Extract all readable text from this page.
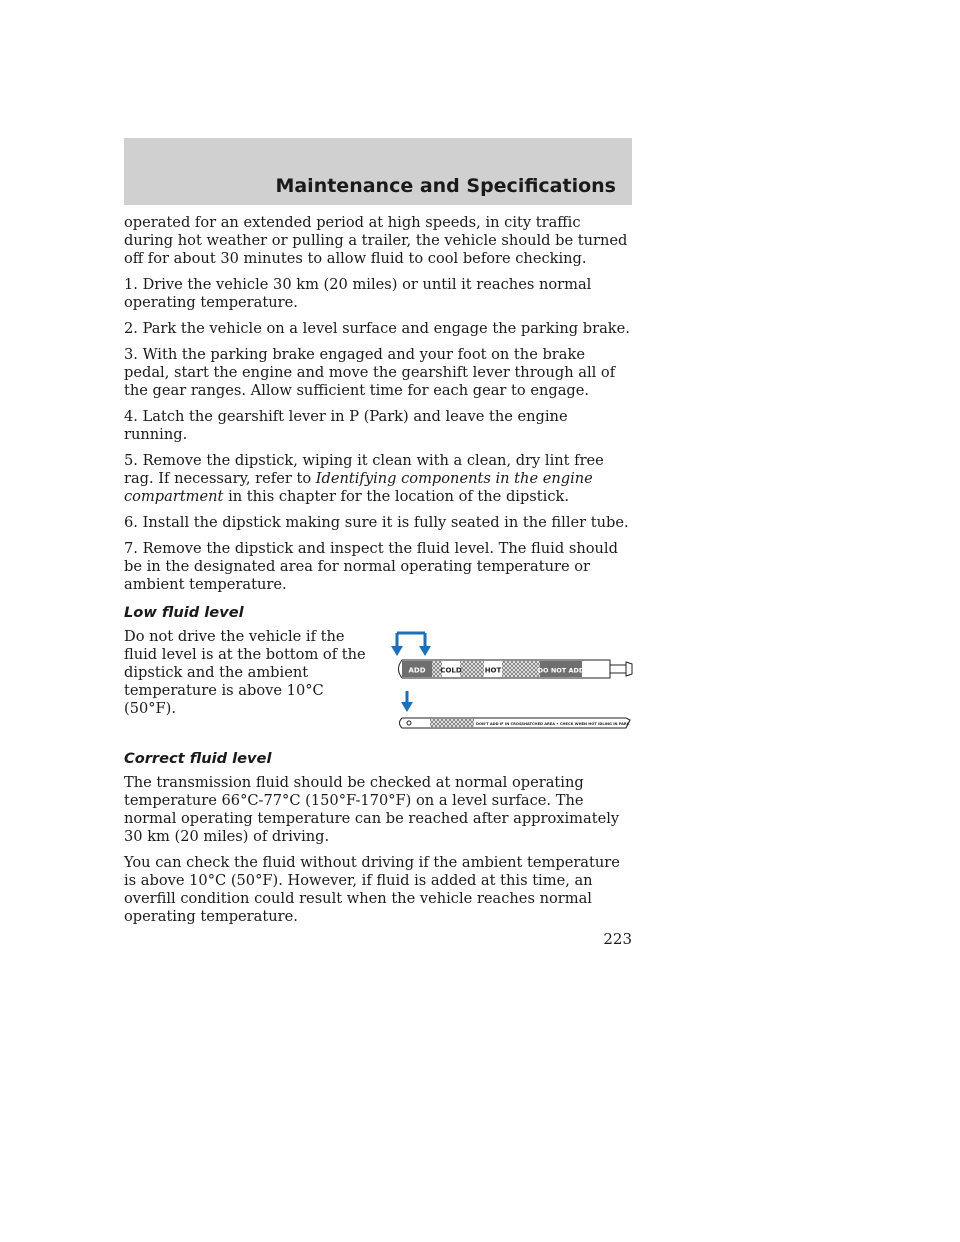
Maintenance and Specifications

operated for an extended period at high speeds, in city traffic during hot weather or pulling a trailer, the vehicle should be turned off for about 30 minutes to allow fluid to cool before checking.

1. Drive the vehicle 30 km (20 miles) or until it reaches normal operating temperature.

2. Park the vehicle on a level surface and engage the parking brake.

3. With the parking brake engaged and your foot on the brake pedal, start the engine and move the gearshift lever through all of the gear ranges. Allow sufficient time for each gear to engage.

4. Latch the gearshift lever in P (Park) and leave the engine running.

5. Remove the dipstick, wiping it clean with a clean, dry lint free rag. If necessary, refer to Identifying components in the engine compartment in this chapter for the location of the dipstick.

6. Install the dipstick making sure it is fully seated in the filler tube.

7. Remove the dipstick and inspect the fluid level. The fluid should be in the designated area for normal operating temperature or ambient temperature.

Low fluid level

Do not drive the vehicle if the fluid level is at the bottom of the dipstick and the ambient temperature is above 10°C (50°F).

ADD COLD	HOT	DO NOT ADD
DON'T ADD IF IN CROSSHATCHED AREA • CHECK WHEN HOT IDLING IN PARK
Correct fluid level

The transmission fluid should be checked at normal operating temperature 66°C-77°C (150°F-170°F) on a level surface. The normal operating temperature can be reached after approximately 30 km (20 miles) of driving.

You can check the fluid without driving if the ambient temperature is above 10°C (50°F). However, if fluid is added at this time, an overfill condition could result when the vehicle reaches normal operating temperature.

223
